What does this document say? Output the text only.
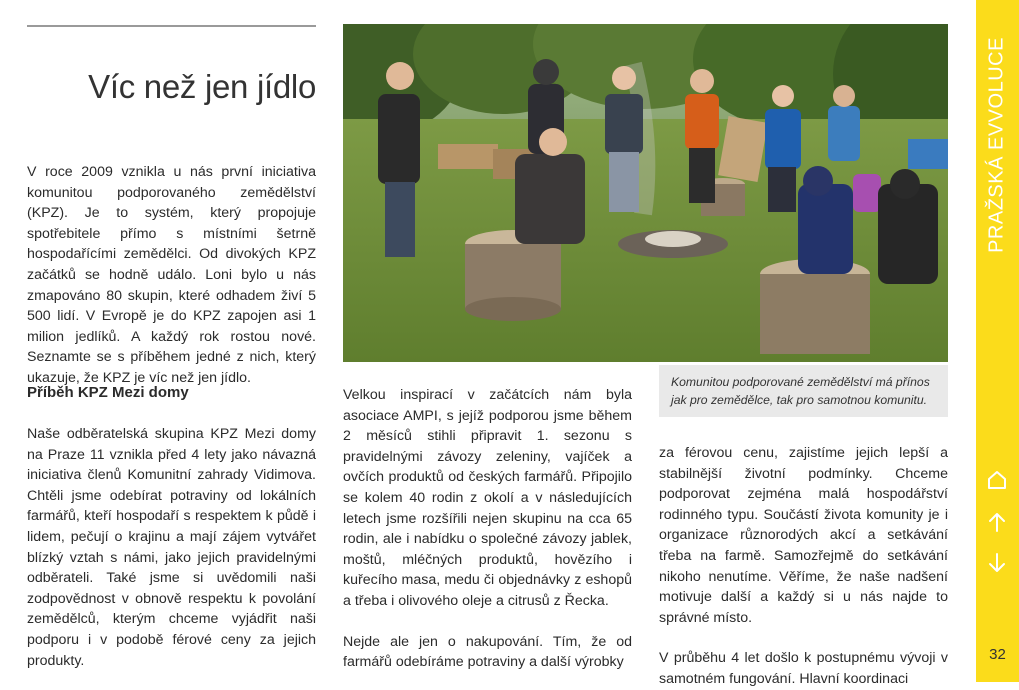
Víc než jen jídlo

V roce 2009 vznikla u nás první iniciativa komunitou podporovaného zemědělství (KPZ). Je to systém, který propojuje spotřebitele přímo s místními šetrně hospodařícími zemědělci. Od divokých KPZ začátků se hodně událo. Loni bylo u nás zmapováno 80 skupin, které odhadem živí 5 500 lidí. V Evropě je do KPZ zapojen asi 1 milion jedlíků. A každý rok rostou nové. Seznamte se s příběhem jedné z nich, který ukazuje, že KPZ je víc než jen jídlo.

Příběh KPZ Mezi domy

Naše odběratelská skupina KPZ Mezi domy na Praze 11 vznikla před 4 lety jako návazná iniciativa členů Komunitní zahrady Vidimova. Chtěli jsme odebírat potraviny od lokálních farmářů, kteří hospodaří s respektem k půdě i lidem, pečují o krajinu a mají zájem vytvářet blízký vztah s námi, jako jejich pravidelnými odběrateli. Také jsme si uvědomili naši zodpovědnost v obnově respektu k povolání zemědělců, kterým chceme vyjádřit naši podporu i v podobě férové ceny za jejich produkty.

Velkou inspirací v začátcích nám byla asociace AMPI, s jejíž podporou jsme během 2 měsíců stihli připravit 1. sezonu s pravidelnými závozy zeleniny, vajíček a ovčích produktů od českých farmářů. Připojilo se kolem 40 rodin z okolí a v následujících letech jsme rozšířili nejen skupinu na cca 65 rodin, ale i nabídku o společné závozy jablek, moštů, mléčných produktů, hovězího i kuřecího masa, medu či objednávky z eshopů a třeba i olivového oleje a citrusů z Řecka.

Nejde ale jen o nakupování. Tím, že od farmářů odebíráme potraviny a další výrobky

za férovou cenu, zajistíme jejich lepší a stabilnější životní podmínky. Chceme podporovat zejména malá hospodářství rodinného typu. Součástí života komunity je i organizace různorodých akcí a setkávání třeba na farmě. Samozřejmě do setkávání nikoho nenutíme. Věříme, že naše nadšení motivuje další a každý si u nás najde to správné místo.

V průběhu 4 let došlo k postupnému vývoji v samotném fungování. Hlavní koordinaci

Komunitou podporované zemědělství má přínos jak pro zemědělce, tak pro samotnou komunitu.
PRAŽSKÁ EVVOLUCE
32
